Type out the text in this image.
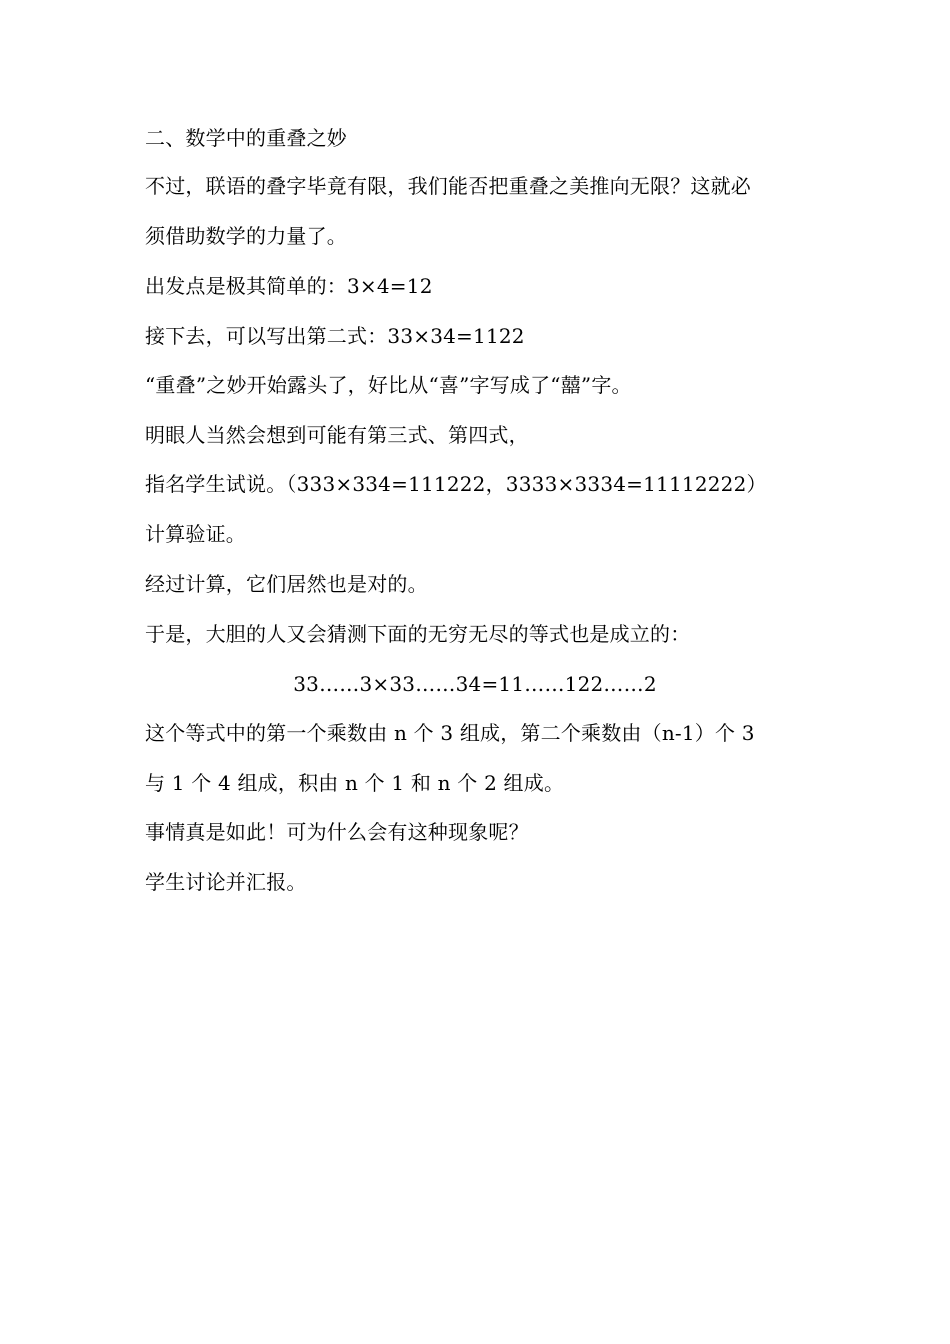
二、数学中的重叠之妙
不过，联语的叠字毕竟有限，我们能否把重叠之美推向无限？这就必
须借助数学的力量了。
出发点是极其简单的：3×4=12
接下去，可以写出第二式：33×34=1122
“重叠”之妙开始露头了，好比从“喜”字写成了“囍”字。
明眼人当然会想到可能有第三式、第四式，
指名学生试说。（333×334=111222，3333×3334=11112222）
计算验证。
经过计算，它们居然也是对的。
于是，大胆的人又会猜测下面的无穷无尽的等式也是成立的：
33……3×33……34=11……122……2
这个等式中的第一个乘数由 n 个 3 组成，第二个乘数由（n-1）个 3
与 1 个 4 组成，积由 n 个 1 和 n 个 2 组成。
事情真是如此！可为什么会有这种现象呢？
学生讨论并汇报。
